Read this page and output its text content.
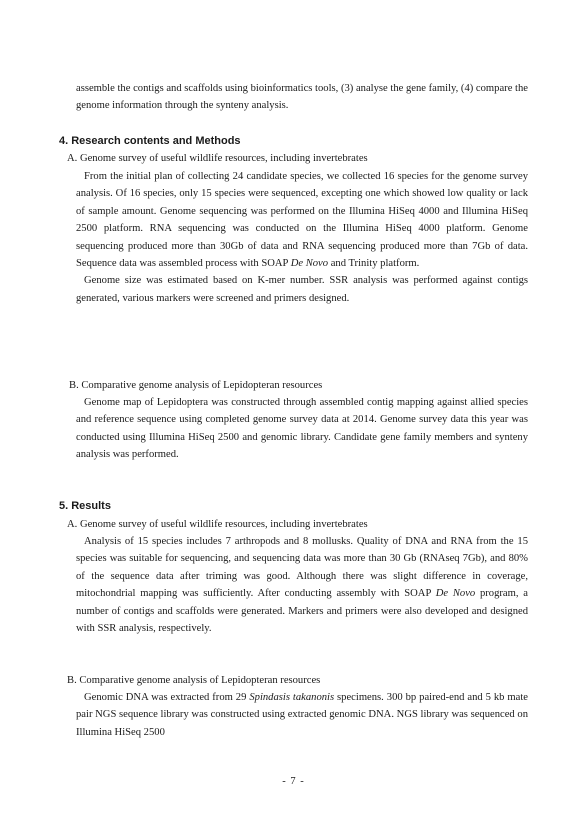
assemble the contigs and scaffolds using bioinformatics tools, (3) analyse the gene family, (4) compare the genome information through the synteny analysis.

4. Research contents and Methods
A. Genome survey of useful wildlife resources, including invertebrates

From the initial plan of collecting 24 candidate species, we collected 16 species for the genome survey analysis. Of 16 species, only 15 species were sequenced, excepting one which showed low quality or lack of sample amount. Genome sequencing was performed on the Illumina HiSeq 4000 and Illumina HiSeq 2500 platform. RNA sequencing was conducted on the Illumina HiSeq 4000 platform. Genome sequencing produced more than 30Gb of data and RNA sequencing produced more than 7Gb of data. Sequence data was assembled process with SOAP De Novo and Trinity platform.

Genome size was estimated based on K-mer number. SSR analysis was performed against contigs generated, various markers were screened and primers designed.

B. Comparative genome analysis of Lepidopteran resources

Genome map of Lepidoptera was constructed through assembled contig mapping against allied species and reference sequence using completed genome survey data at 2014. Genome survey data this year was conducted using Illumina HiSeq 2500 and genomic library. Candidate gene family members and synteny analysis was performed.

5. Results
A. Genome survey of useful wildlife resources, including invertebrates

Analysis of 15 species includes 7 arthropods and 8 mollusks. Quality of DNA and RNA from the 15 species was suitable for sequencing, and sequencing data was more than 30 Gb (RNAseq 7Gb), and 80% of the sequence data after triming was good. Although there was slight difference in coverage, mitochondrial mapping was sufficiently. After conducting assembly with SOAP De Novo program, a number of contigs and scaffolds were generated. Markers and primers were also developed and designed with SSR analysis, respectively.

B. Comparative genome analysis of Lepidopteran resources

Genomic DNA was extracted from 29 Spindasis takanonis specimens. 300 bp paired-end and 5 kb mate pair NGS sequence library was constructed using extracted genomic DNA. NGS library was sequenced on Illumina HiSeq 2500

- 7 -
